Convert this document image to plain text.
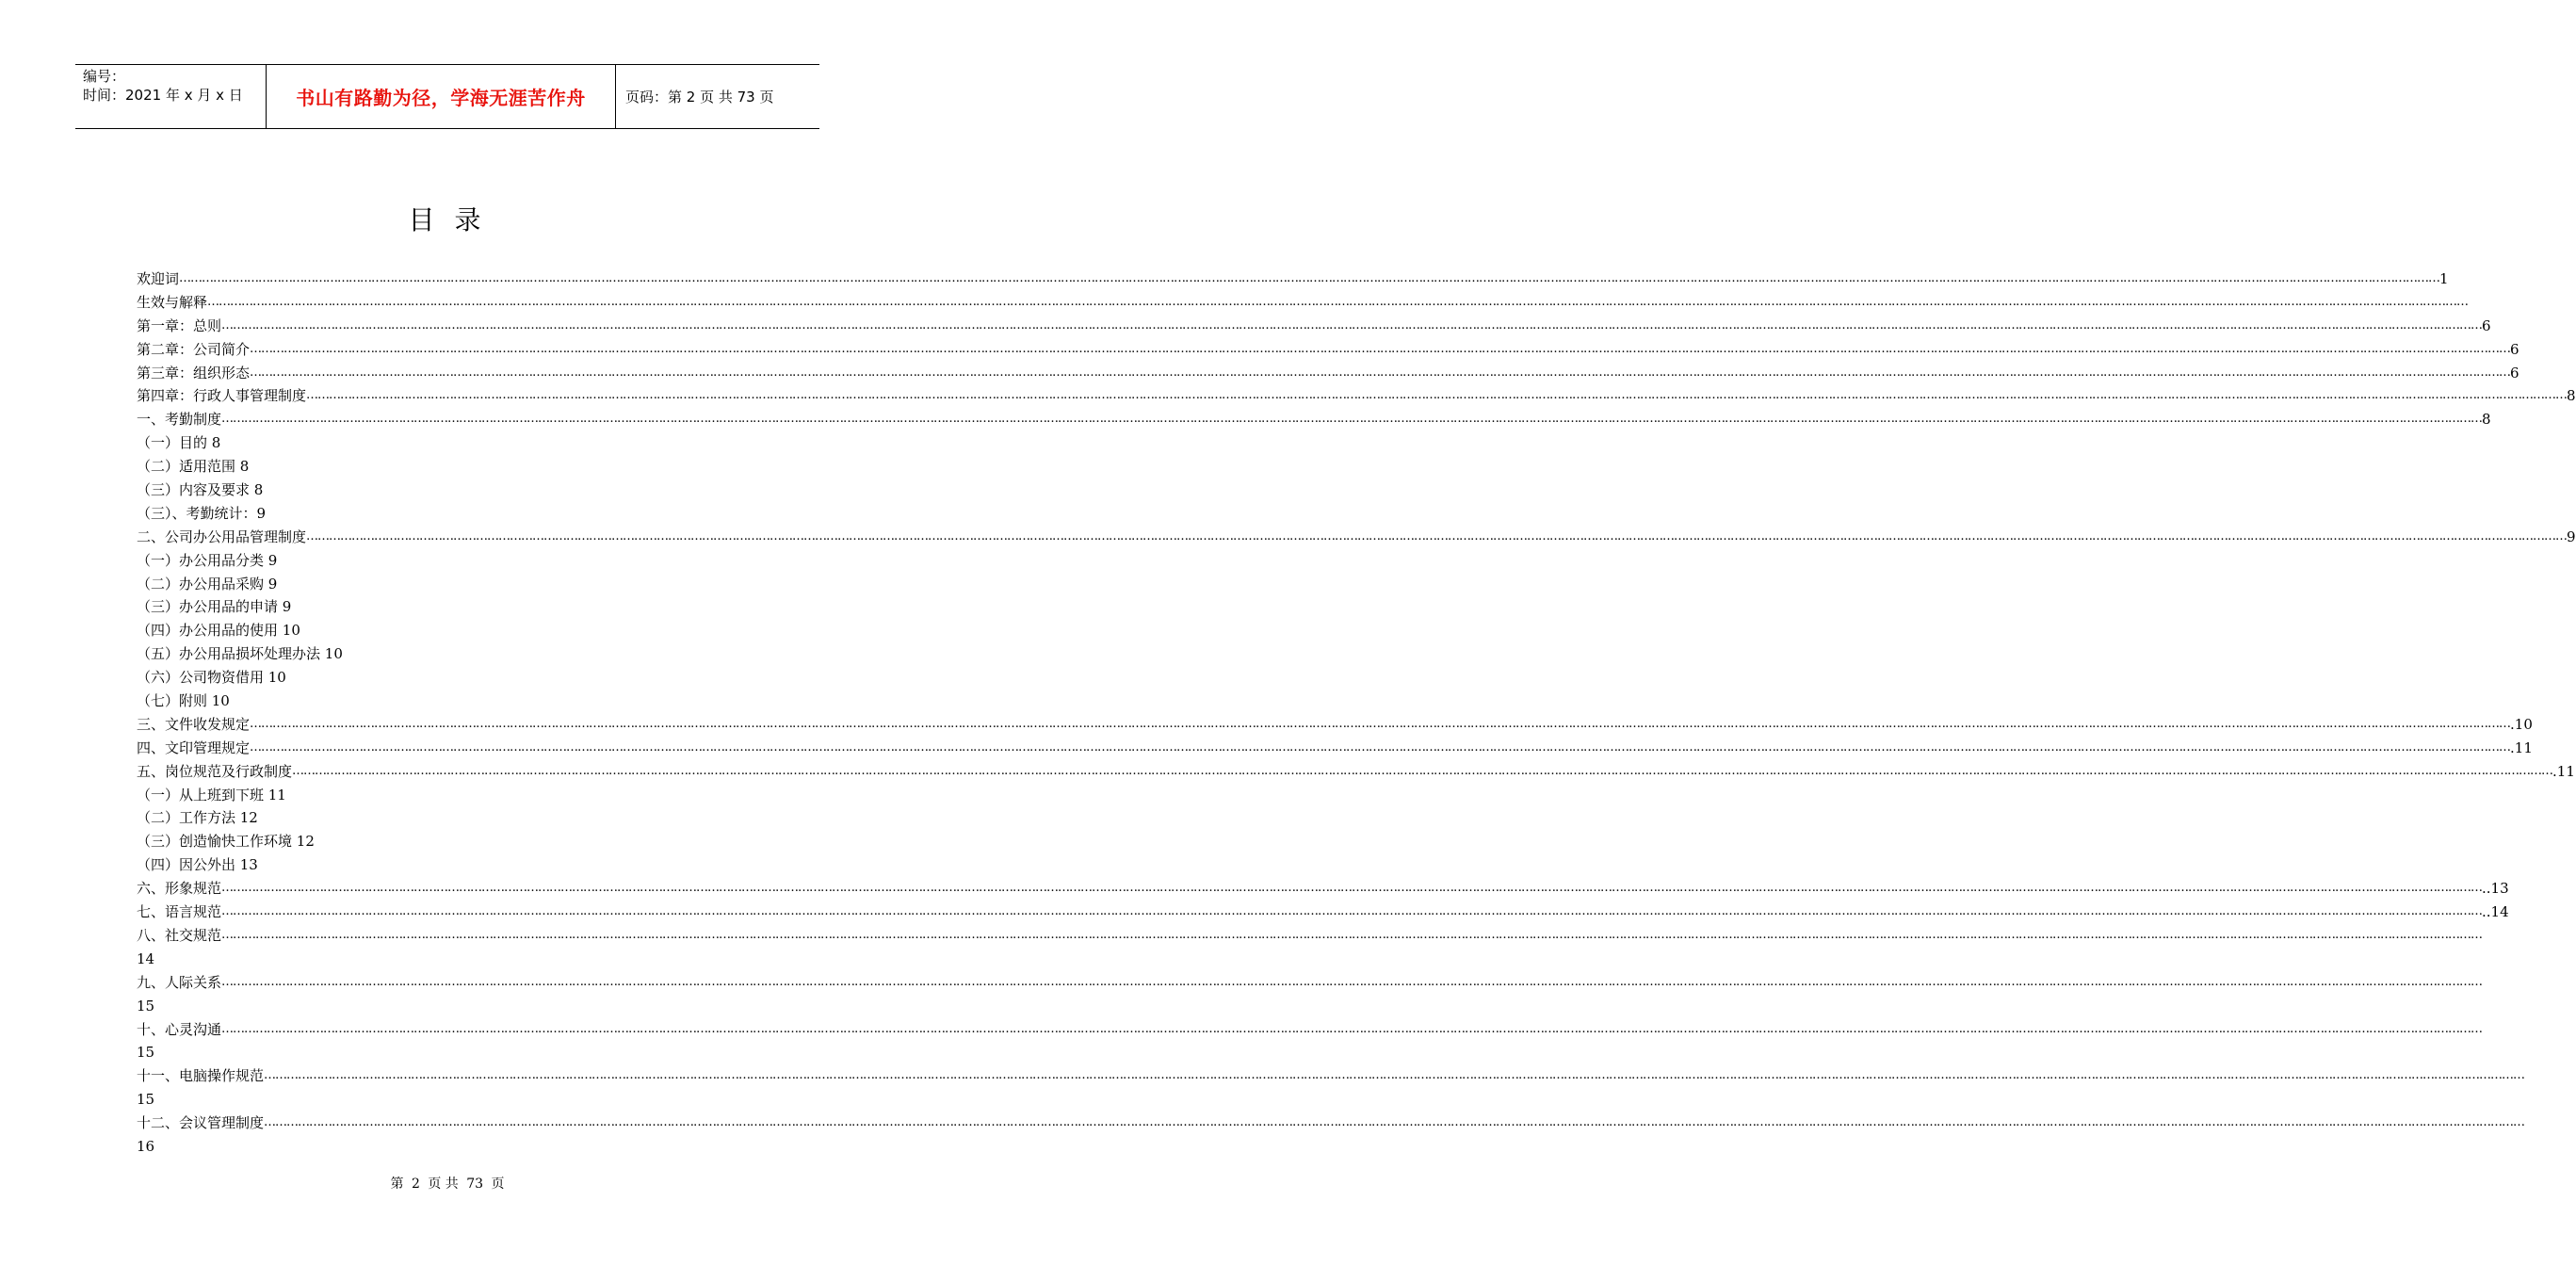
编号：
时间：2021 年 x 月 x 日	书山有路勤为径，学海无涯苦作舟	页码：第 2 页 共 73 页
目 录
欢迎词 …………………………………………………………………………………………………………………………………………………………………………………………………………………………………………………………………………………………………………………………………………………………………………………………………………………………………………………………………………………………………………………………………………………… 1
生效与解释 ……………………………………………………………………………………………………………………………………………………………………………………………………………………………………………………………………………………………………………………………………………………………………………………………………………………………………………………………………………………………………………………………………………………
第一章：总则 …………………………………………………………………………………………………………………………………………………………………………………………………………………………………………………………………………………………………………………………………………………………………………………………………………………………………………………………………………………………………………………………………………………… 6
第二章：公司简介 …………………………………………………………………………………………………………………………………………………………………………………………………………………………………………………………………………………………………………………………………………………………………………………………………………………………………………………………………………………………………………………………………………………… 6
第三章：组织形态 …………………………………………………………………………………………………………………………………………………………………………………………………………………………………………………………………………………………………………………………………………………………………………………………………………………………………………………………………………………………………………………………………………………… 6
第四章：行政人事管理制度 …………………………………………………………………………………………………………………………………………………………………………………………………………………………………………………………………………………………………………………………………………………………………………………………………………………………………………………………………………………………………………………………………………………… 8
一、考勤制度 …………………………………………………………………………………………………………………………………………………………………………………………………………………………………………………………………………………………………………………………………………………………………………………………………………………………………………………………………………………………………………………………………………………… 8
（一）目的 8
（二）适用范围 8
（三）内容及要求 8
（三）、考勤统计：9
二、公司办公用品管理制度 …………………………………………………………………………………………………………………………………………………………………………………………………………………………………………………………………………………………………………………………………………………………………………………………………………………………………………………………………………………………………………………………………………………… 9
（一）办公用品分类 9
（二）办公用品采购 9
（三）办公用品的申请 9
（四）办公用品的使用 10
（五）办公用品损坏处理办法 10
（六）公司物资借用 10
（七）附则 10
三、文件收发规定 …………………………………………………………………………………………………………………………………………………………………………………………………………………………………………………………………………………………………………………………………………………………………………………………………………………………………………………………………………………………………………………………………………………… .10
四、文印管理规定 …………………………………………………………………………………………………………………………………………………………………………………………………………………………………………………………………………………………………………………………………………………………………………………………………………………………………………………………………………………………………………………………………………………… .11
五、岗位规范及行政制度 …………………………………………………………………………………………………………………………………………………………………………………………………………………………………………………………………………………………………………………………………………………………………………………………………………………………………………………………………………………………………………………………………………………… .11
（一）从上班到下班 11
（二）工作方法 12
（三）创造愉快工作环境 12
（四）因公外出 13
六、形象规范 …………………………………………………………………………………………………………………………………………………………………………………………………………………………………………………………………………………………………………………………………………………………………………………………………………………………………………………………………………………………………………………………………………………… ..13
七、语言规范 …………………………………………………………………………………………………………………………………………………………………………………………………………………………………………………………………………………………………………………………………………………………………………………………………………………………………………………………………………………………………………………………………………………… ..14
八、社交规范 ……………………………………………………………………………………………………………………………………………………………………………………………………………………………………………………………………………………………………………………………………………………………………………………………………………………………………………………………………………………………………………………………………………………
14
九、人际关系 ……………………………………………………………………………………………………………………………………………………………………………………………………………………………………………………………………………………………………………………………………………………………………………………………………………………………………………………………………………………………………………………………………………………
15
十、心灵沟通 ……………………………………………………………………………………………………………………………………………………………………………………………………………………………………………………………………………………………………………………………………………………………………………………………………………………………………………………………………………………………………………………………………………………
15
十一、电脑操作规范 ……………………………………………………………………………………………………………………………………………………………………………………………………………………………………………………………………………………………………………………………………………………………………………………………………………………………………………………………………………………………………………………………………………………
15
十二、会议管理制度 ……………………………………………………………………………………………………………………………………………………………………………………………………………………………………………………………………………………………………………………………………………………………………………………………………………………………………………………………………………………………………………………………………………………
16
第 2 页 共 73 页
